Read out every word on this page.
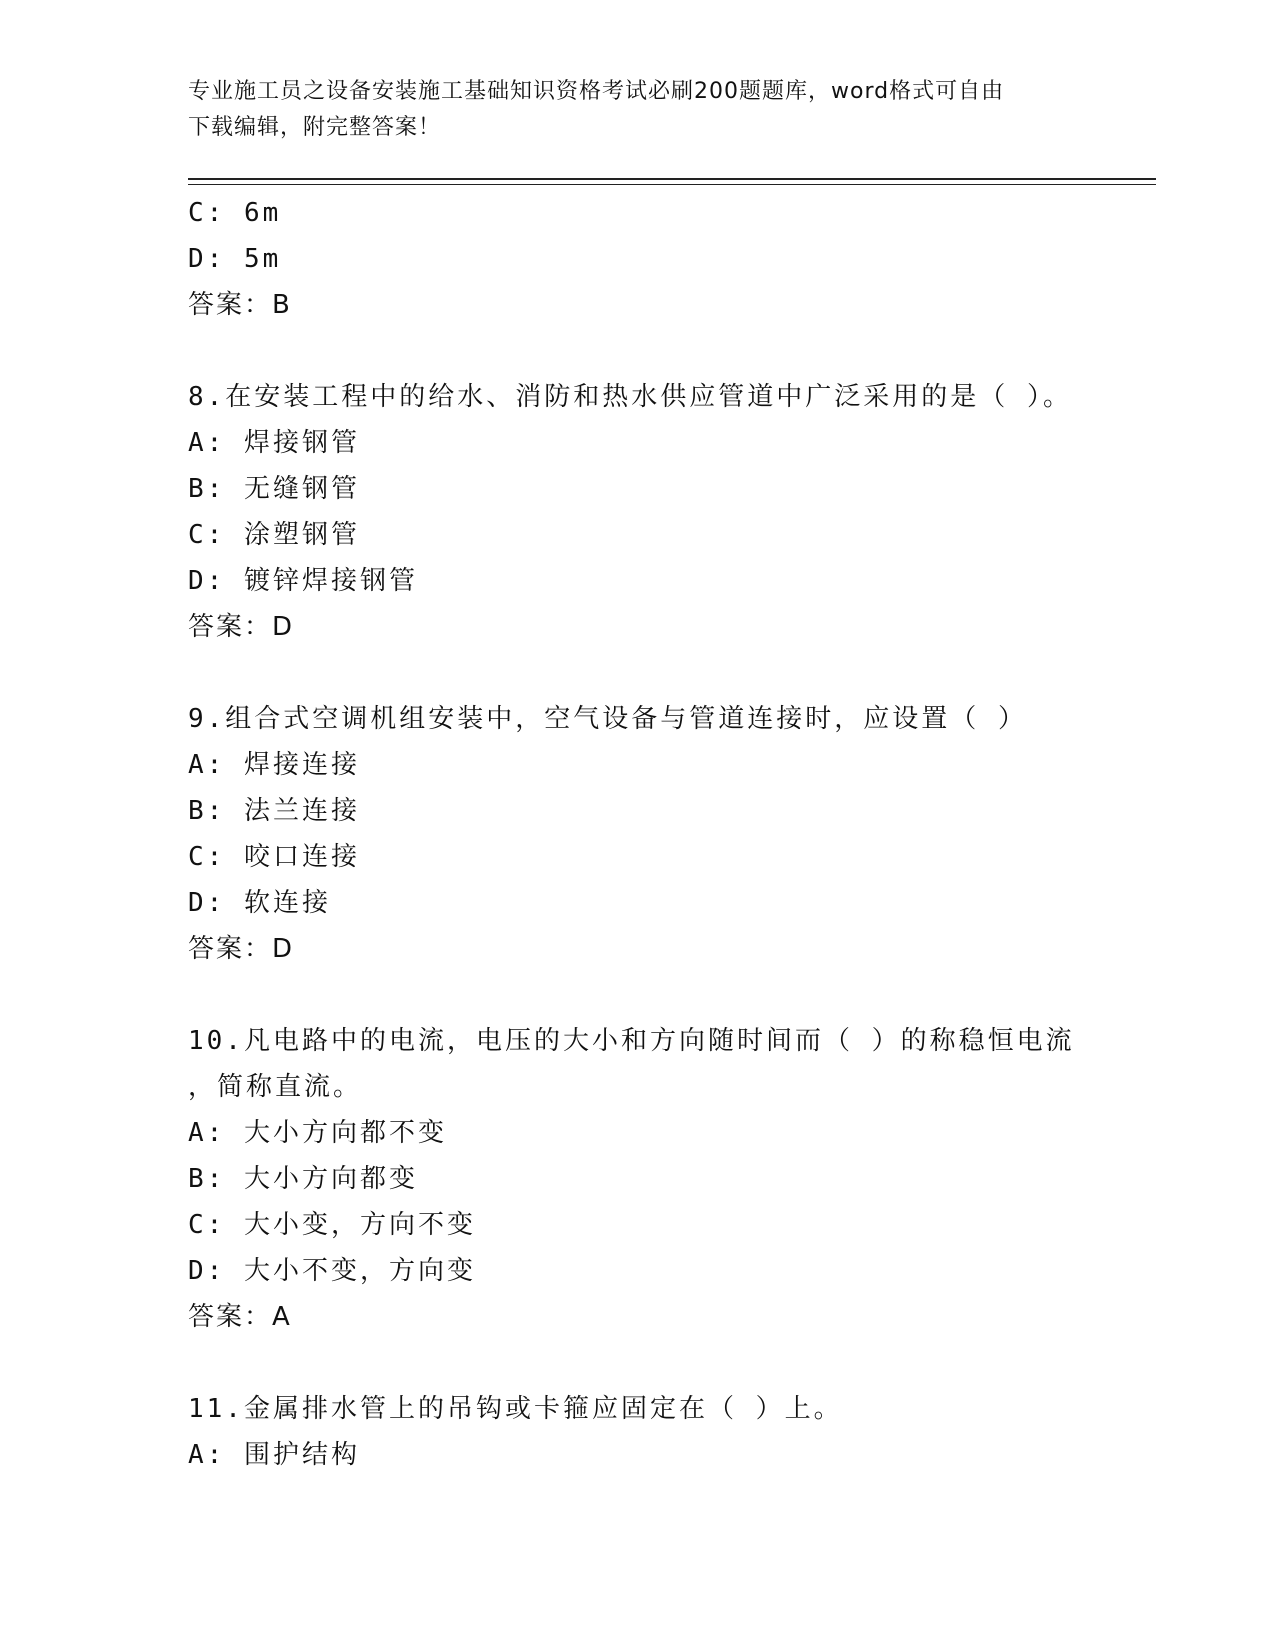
专业施工员之设备安装施工基础知识资格考试必刷200题题库，word格式可自由
下载编辑，附完整答案！
C: 6m
D: 5m
答案：B
8.在安装工程中的给水、消防和热水供应管道中广泛采用的是（ ）。
A: 焊接钢管
B: 无缝钢管
C: 涂塑钢管
D: 镀锌焊接钢管
答案：D
9.组合式空调机组安装中，空气设备与管道连接时，应设置（ ）
A: 焊接连接
B: 法兰连接
C: 咬口连接
D: 软连接
答案：D
10.凡电路中的电流，电压的大小和方向随时间而（ ）的称稳恒电流
，简称直流。
A: 大小方向都不变
B: 大小方向都变
C: 大小变，方向不变
D: 大小不变，方向变
答案：A
11.金属排水管上的吊钩或卡箍应固定在（ ）上。
A: 围护结构
